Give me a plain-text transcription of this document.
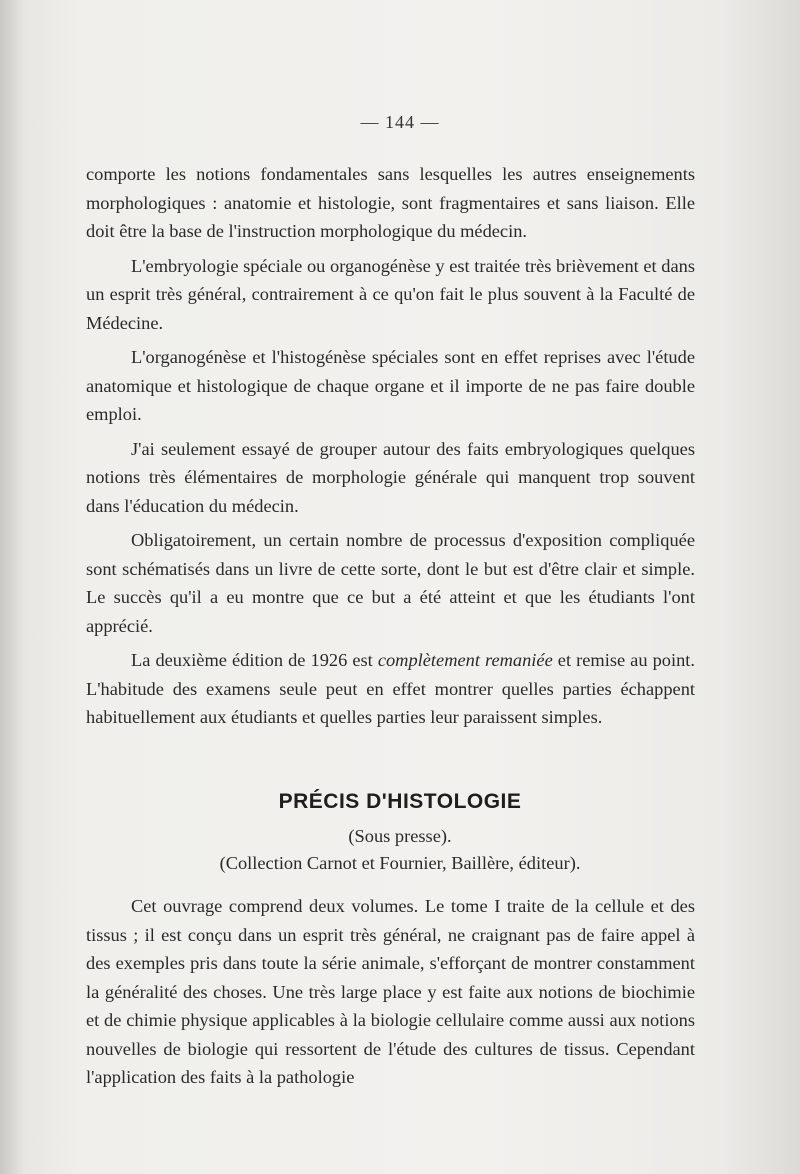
— 144 —

comporte les notions fondamentales sans lesquelles les autres enseignements morphologiques : anatomie et histologie, sont fragmentaires et sans liaison. Elle doit être la base de l'instruction morphologique du médecin.

L'embryologie spéciale ou organogénèse y est traitée très brièvement et dans un esprit très général, contrairement à ce qu'on fait le plus souvent à la Faculté de Médecine.

L'organogénèse et l'histogénèse spéciales sont en effet reprises avec l'étude anatomique et histologique de chaque organe et il importe de ne pas faire double emploi.

J'ai seulement essayé de grouper autour des faits embryologiques quelques notions très élémentaires de morphologie générale qui manquent trop souvent dans l'éducation du médecin.

Obligatoirement, un certain nombre de processus d'exposition compliquée sont schématisés dans un livre de cette sorte, dont le but est d'être clair et simple. Le succès qu'il a eu montre que ce but a été atteint et que les étudiants l'ont apprécié.

La deuxième édition de 1926 est complètement remaniée et remise au point. L'habitude des examens seule peut en effet montrer quelles parties échappent habituellement aux étudiants et quelles parties leur paraissent simples.

PRÉCIS D'HISTOLOGIE
(Sous presse).
(Collection Carnot et Fournier, Baillère, éditeur).

Cet ouvrage comprend deux volumes. Le tome I traite de la cellule et des tissus ; il est conçu dans un esprit très général, ne craignant pas de faire appel à des exemples pris dans toute la série animale, s'efforçant de montrer constamment la généralité des choses. Une très large place y est faite aux notions de biochimie et de chimie physique applicables à la biologie cellulaire comme aussi aux notions nouvelles de biologie qui ressortent de l'étude des cultures de tissus. Cependant l'application des faits à la pathologie
